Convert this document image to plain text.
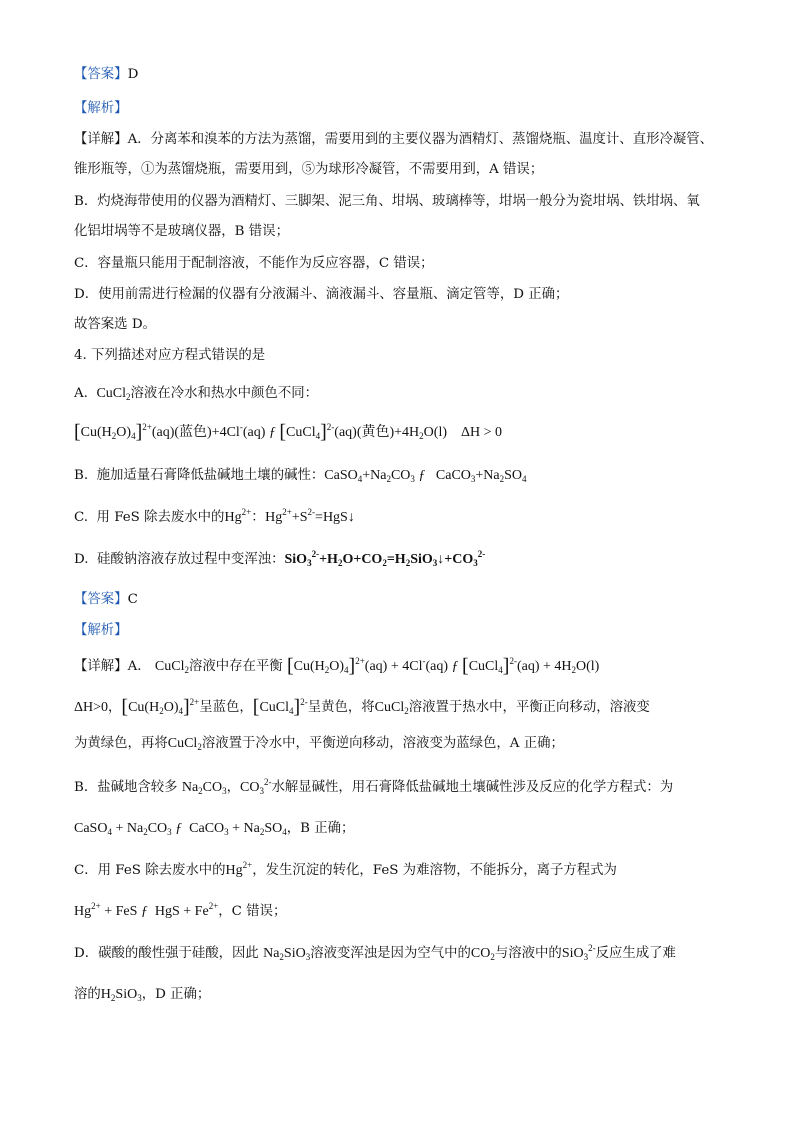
【答案】D
【解析】
【详解】A．分离苯和溴苯的方法为蒸馏，需要用到的主要仪器为酒精灯、蒸馏烧瓶、温度计、直形冷凝管、
锥形瓶等，①为蒸馏烧瓶，需要用到，⑤为球形冷凝管，不需要用到，A 错误；
B．灼烧海带使用的仪器为酒精灯、三脚架、泥三角、坩埚、玻璃棒等，坩埚一般分为瓷坩埚、铁坩埚、氧
化铝坩埚等不是玻璃仪器，B 错误；
C．容量瓶只能用于配制溶液，不能作为反应容器，C 错误；
D．使用前需进行检漏的仪器有分液漏斗、滴液漏斗、容量瓶、滴定管等，D 正确；
故答案选 D。
4. 下列描述对应方程式错误的是
A. CuCl$_2$溶液在冷水和热水中颜色不同：
$[Cu(H_2O)_4]^{2+}(aq)$(蓝色)+4Cl-(aq) ƒ [CuCl$_4$]$^{2-}$(aq)(黄色)$+4H_2O(l)$ ΔH > 0
B. 施加适量石膏降低盐碱地土壤的碱性：$CaSO_4+Na_2CO_3$ ƒ   $CaCO_3+Na_2SO_4$
C. 用 FeS 除去废水中的$Hg^{2+}$：$Hg^{2+}+S^{2-}=HgS↓$
D. 硅酸钠溶液存放过程中变浑浊：$SiO_3^{2-}+H_2O+CO_2=H_2SiO_3↓+CO_3^{2-}$
【答案】C
【解析】
【详解】A． CuCl$_2$溶液中存在平衡 $[Cu(H_2O)_4]^{2+}(aq) + 4Cl^-(aq)$ ƒ [CuCl$_4$]$^{2-}$(aq) + $4H_2O(l)$
ΔH>0，$[Cu(H_2O)_4]^{2+}$呈蓝色，[CuCl$_4$]$^{2-}$呈黄色，将CuCl$_2$溶液置于热水中，平衡正向移动，溶液变
为黄绿色，再将CuCl$_2$溶液置于冷水中，平衡逆向移动，溶液变为蓝绿色，A 正确；
B．盐碱地含较多 $Na_2CO_3$，$CO_3^{2-}$水解显碱性，用石膏降低盐碱地土壤碱性涉及反应的化学方程式：为
CaSO$_4$ + $Na_2CO_3$ ƒ  CaCO$_3$ + $Na_2SO_4$，B 正确；
C．用 FeS 除去废水中的$Hg^{2+}$，发生沉淀的转化，FeS 为难溶物，不能拆分，离子方程式为
$Hg^{2+}$ + FeS ƒ  HgS + $Fe^{2+}$，C 错误；
D．碳酸的酸性强于硅酸，因此 $Na_2SiO_3$溶液变浑浊是因为空气中的$CO_2$与溶液中的SiO$_3^{2-}$反应生成了难
溶的$H_2SiO_3$，D 正确；
